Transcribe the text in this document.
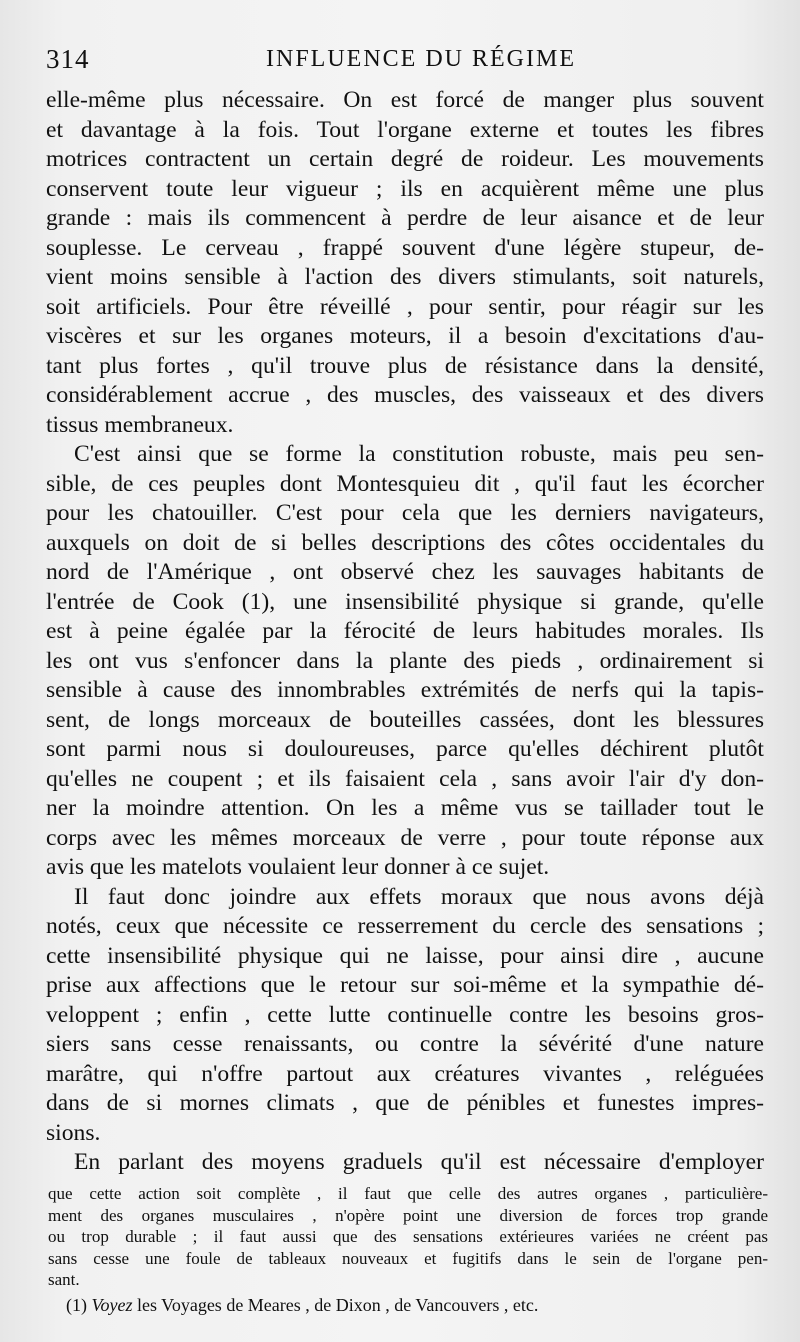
314	INFLUENCE DU RÉGIME
elle-même plus nécessaire. On est forcé de manger plus souvent
et davantage à la fois. Tout l'organe externe et toutes les fibres
motrices contractent un certain degré de roideur. Les mouvements
conservent toute leur vigueur ; ils en acquièrent même une plus
grande : mais ils commencent à perdre de leur aisance et de leur
souplesse. Le cerveau , frappé souvent d'une légère stupeur, de-
vient moins sensible à l'action des divers stimulants, soit naturels,
soit artificiels. Pour être réveillé , pour sentir, pour réagir sur les
viscères et sur les organes moteurs, il a besoin d'excitations d'au-
tant plus fortes , qu'il trouve plus de résistance dans la densité,
considérablement accrue , des muscles, des vaisseaux et des divers
tissus membraneux.
C'est ainsi que se forme la constitution robuste, mais peu sen-
sible, de ces peuples dont Montesquieu dit , qu'il faut les écorcher
pour les chatouiller. C'est pour cela que les derniers navigateurs,
auxquels on doit de si belles descriptions des côtes occidentales du
nord de l'Amérique , ont observé chez les sauvages habitants de
l'entrée de Cook (1), une insensibilité physique si grande, qu'elle
est à peine égalée par la férocité de leurs habitudes morales. Ils
les ont vus s'enfoncer dans la plante des pieds , ordinairement si
sensible à cause des innombrables extrémités de nerfs qui la tapis-
sent, de longs morceaux de bouteilles cassées, dont les blessures
sont parmi nous si douloureuses, parce qu'elles déchirent plutôt
qu'elles ne coupent ; et ils faisaient cela , sans avoir l'air d'y don-
ner la moindre attention. On les a même vus se taillader tout le
corps avec les mêmes morceaux de verre , pour toute réponse aux
avis que les matelots voulaient leur donner à ce sujet.
Il faut donc joindre aux effets moraux que nous avons déjà
notés, ceux que nécessite ce resserrement du cercle des sensations ;
cette insensibilité physique qui ne laisse, pour ainsi dire , aucune
prise aux affections que le retour sur soi-même et la sympathie dé-
veloppent ; enfin , cette lutte continuelle contre les besoins gros-
siers sans cesse renaissants, ou contre la sévérité d'une nature
marâtre, qui n'offre partout aux créatures vivantes , reléguées
dans de si mornes climats , que de pénibles et funestes impres-
sions.
En parlant des moyens graduels qu'il est nécessaire d'employer
que cette action soit complète , il faut que celle des autres organes , particulière-
ment des organes musculaires , n'opère point une diversion de forces trop grande
ou trop durable ; il faut aussi que des sensations extérieures variées ne créent pas
sans cesse une foule de tableaux nouveaux et fugitifs dans le sein de l'organe pen-
sant.
(1) Voyez les Voyages de Meares , de Dixon , de Vancouvers , etc.
